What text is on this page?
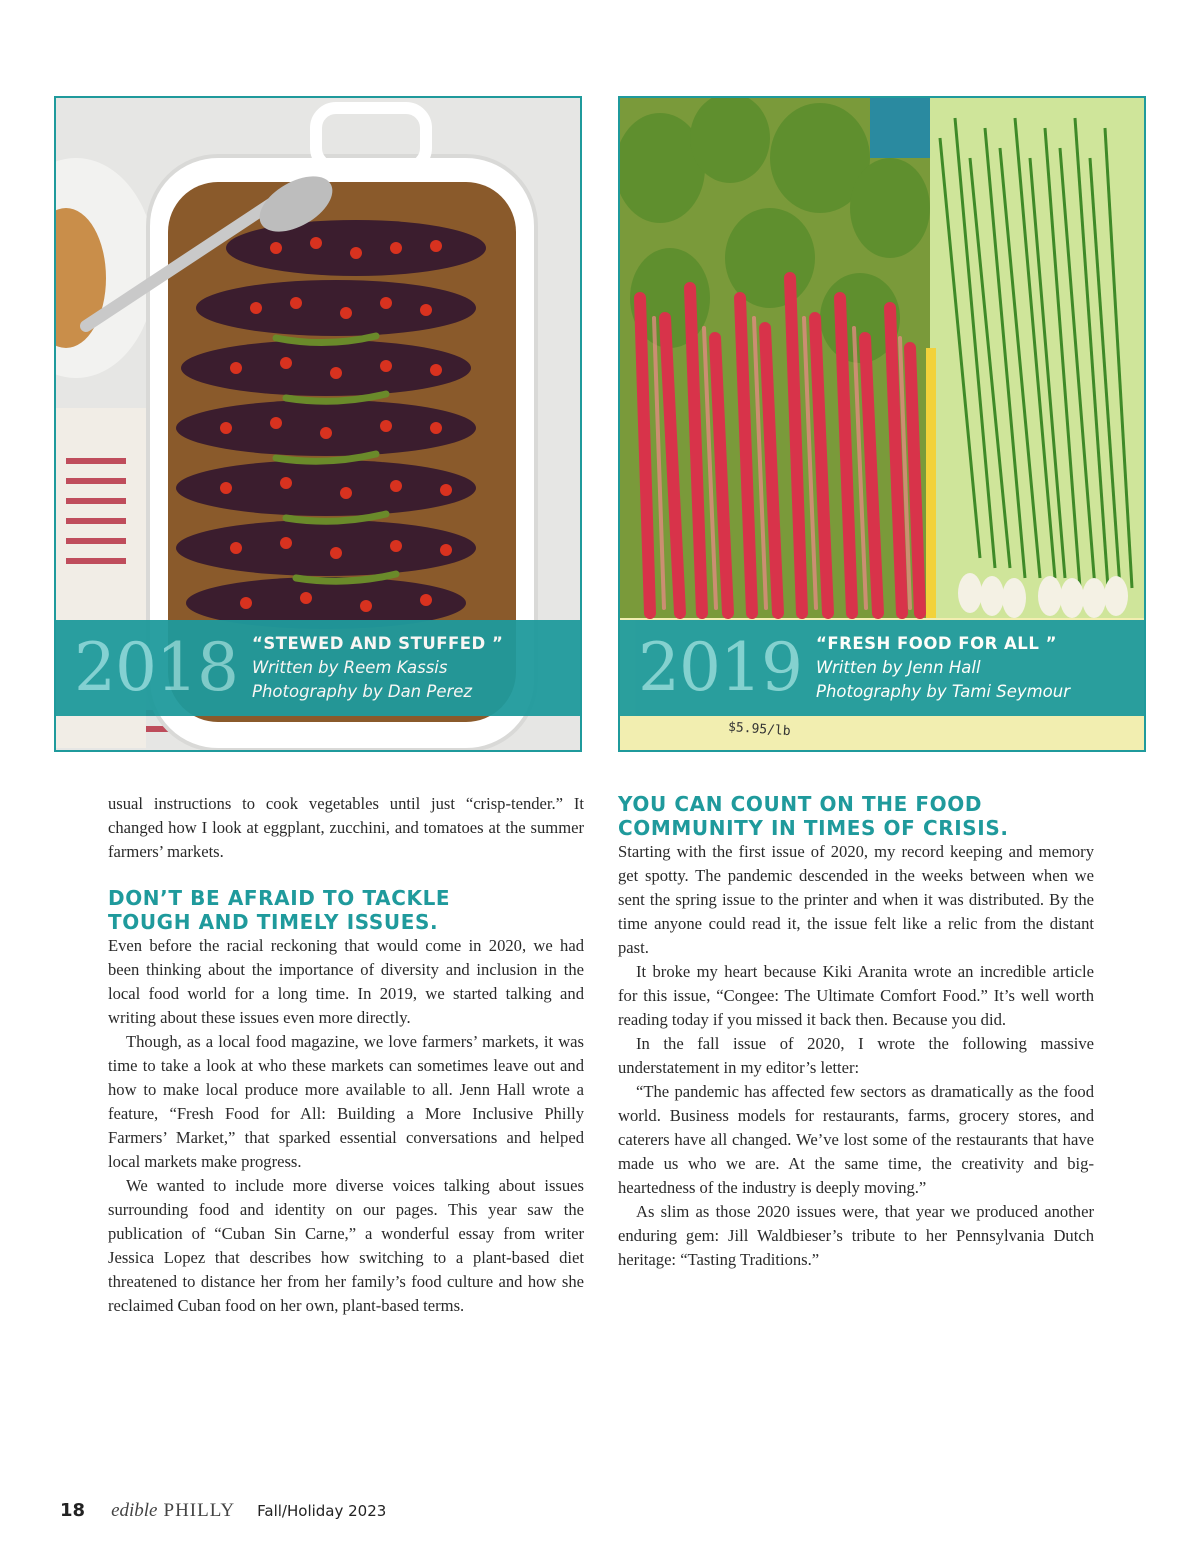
2018 “STEWED AND STUFFED ”
Written by Reem Kassis
Photography by Dan Perez	2019 “FRESH FOOD FOR ALL ”
Written by Jenn Hall
Photography by Tami Seymour
$5.95/lb

usual instructions to cook vegetables until just “crisp-tender.” It changed how I look at eggplant, zucchini, and tomatoes at the summer farmers’ markets.

DON’T BE AFRAID TO TACKLE
TOUGH AND TIMELY ISSUES.

Even before the racial reckoning that would come in 2020, we had been thinking about the importance of diversity and inclusion in the local food world for a long time. In 2019, we started talking and writing about these issues even more directly.

Though, as a local food magazine, we love farmers’ markets, it was time to take a look at who these markets can sometimes leave out and how to make local produce more available to all. Jenn Hall wrote a feature, “Fresh Food for All: Building a More Inclusive Philly Farmers’ Market,” that sparked essential conversations and helped local markets make progress.

We wanted to include more diverse voices talking about issues surrounding food and identity on our pages. This year saw the publication of “Cuban Sin Carne,” a wonderful essay from writer Jessica Lopez that describes how switching to a plant-based diet threatened to distance her from her family’s food culture and how she reclaimed Cuban food on her own, plant-based terms.

YOU CAN COUNT ON THE FOOD
COMMUNITY IN TIMES OF CRISIS.

Starting with the first issue of 2020, my record keeping and memory get spotty. The pandemic descended in the weeks between when we sent the spring issue to the printer and when it was distributed. By the time anyone could read it, the issue felt like a relic from the distant past.

It broke my heart because Kiki Aranita wrote an incredible article for this issue, “Congee: The Ultimate Comfort Food.” It’s well worth reading today if you missed it back then. Because you did.

In the fall issue of 2020, I wrote the following massive understatement in my editor’s letter:

“The pandemic has affected few sectors as dramatically as the food world. Business models for restaurants, farms, grocery stores, and caterers have all changed. We’ve lost some of the restaurants that have made us who we are. At the same time, the creativity and big-heartedness of the industry is deeply moving.”

As slim as those 2020 issues were, that year we produced another enduring gem: Jill Waldbieser’s tribute to her Pennsylvania Dutch heritage: “Tasting Traditions.”

18 edible PHILLY Fall/Holiday 2023
